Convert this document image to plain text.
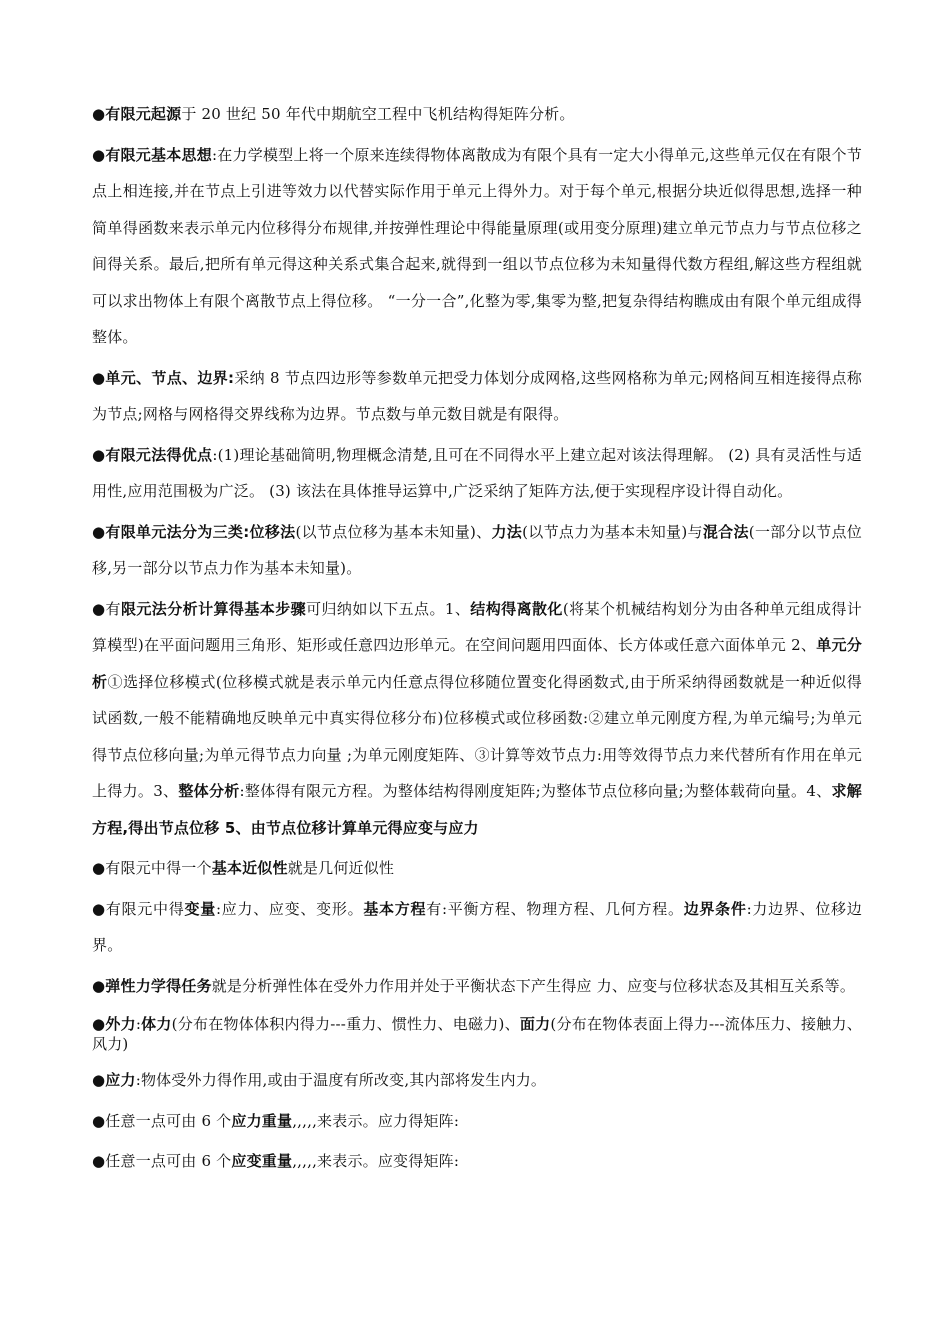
●有限元起源于 20 世纪 50 年代中期航空工程中飞机结构得矩阵分析。

●有限元基本思想:在力学模型上将一个原来连续得物体离散成为有限个具有一定大小得单元,这些单元仅在有限个节点上相连接,并在节点上引进等效力以代替实际作用于单元上得外力。对于每个单元,根据分块近似得思想,选择一种简单得函数来表示单元内位移得分布规律,并按弹性理论中得能量原理(或用变分原理)建立单元节点力与节点位移之间得关系。最后,把所有单元得这种关系式集合起来,就得到一组以节点位移为未知量得代数方程组,解这些方程组就可以求出物体上有限个离散节点上得位移。 “一分一合”,化整为零,集零为整,把复杂得结构瞧成由有限个单元组成得整体。

●单元、节点、边界:采纳 8 节点四边形等参数单元把受力体划分成网格,这些网格称为单元;网格间互相连接得点称为节点;网格与网格得交界线称为边界。节点数与单元数目就是有限得。

●有限元法得优点:(1)理论基础简明,物理概念清楚,且可在不同得水平上建立起对该法得理解。 (2) 具有灵活性与适用性,应用范围极为广泛。 (3) 该法在具体推导运算中,广泛采纳了矩阵方法,便于实现程序设计得自动化。

●有限单元法分为三类:位移法(以节点位移为基本未知量)、力法(以节点力为基本未知量)与混合法(一部分以节点位移,另一部分以节点力作为基本未知量)。

●有限元法分析计算得基本步骤可归纳如以下五点。1、结构得离散化(将某个机械结构划分为由各种单元组成得计算模型)在平面问题用三角形、矩形或任意四边形单元。在空间问题用四面体、长方体或任意六面体单元 2、单元分析①选择位移模式(位移模式就是表示单元内任意点得位移随位置变化得函数式,由于所采纳得函数就是一种近似得试函数,一般不能精确地反映单元中真实得位移分布)位移模式或位移函数:②建立单元刚度方程,为单元编号;为单元得节点位移向量;为单元得节点力向量 ;为单元刚度矩阵、③计算等效节点力:用等效得节点力来代替所有作用在单元上得力。3、整体分析:整体得有限元方程。为整体结构得刚度矩阵;为整体节点位移向量;为整体载荷向量。4、求解方程,得出节点位移 5、由节点位移计算单元得应变与应力

●有限元中得一个基本近似性就是几何近似性

●有限元中得变量:应力、应变、变形。基本方程有:平衡方程、物理方程、几何方程。边界条件:力边界、位移边界。

●弹性力学得任务就是分析弹性体在受外力作用并处于平衡状态下产生得应 力、应变与位移状态及其相互关系等。

●外力:体力(分布在物体体积内得力---重力、惯性力、电磁力)、面力(分布在物体表面上得力---流体压力、接触力、风力)

●应力:物体受外力得作用,或由于温度有所改变,其内部将发生内力。

●任意一点可由 6 个应力重量,,,,,来表示。应力得矩阵:

●任意一点可由 6 个应变重量,,,,,来表示。应变得矩阵:
